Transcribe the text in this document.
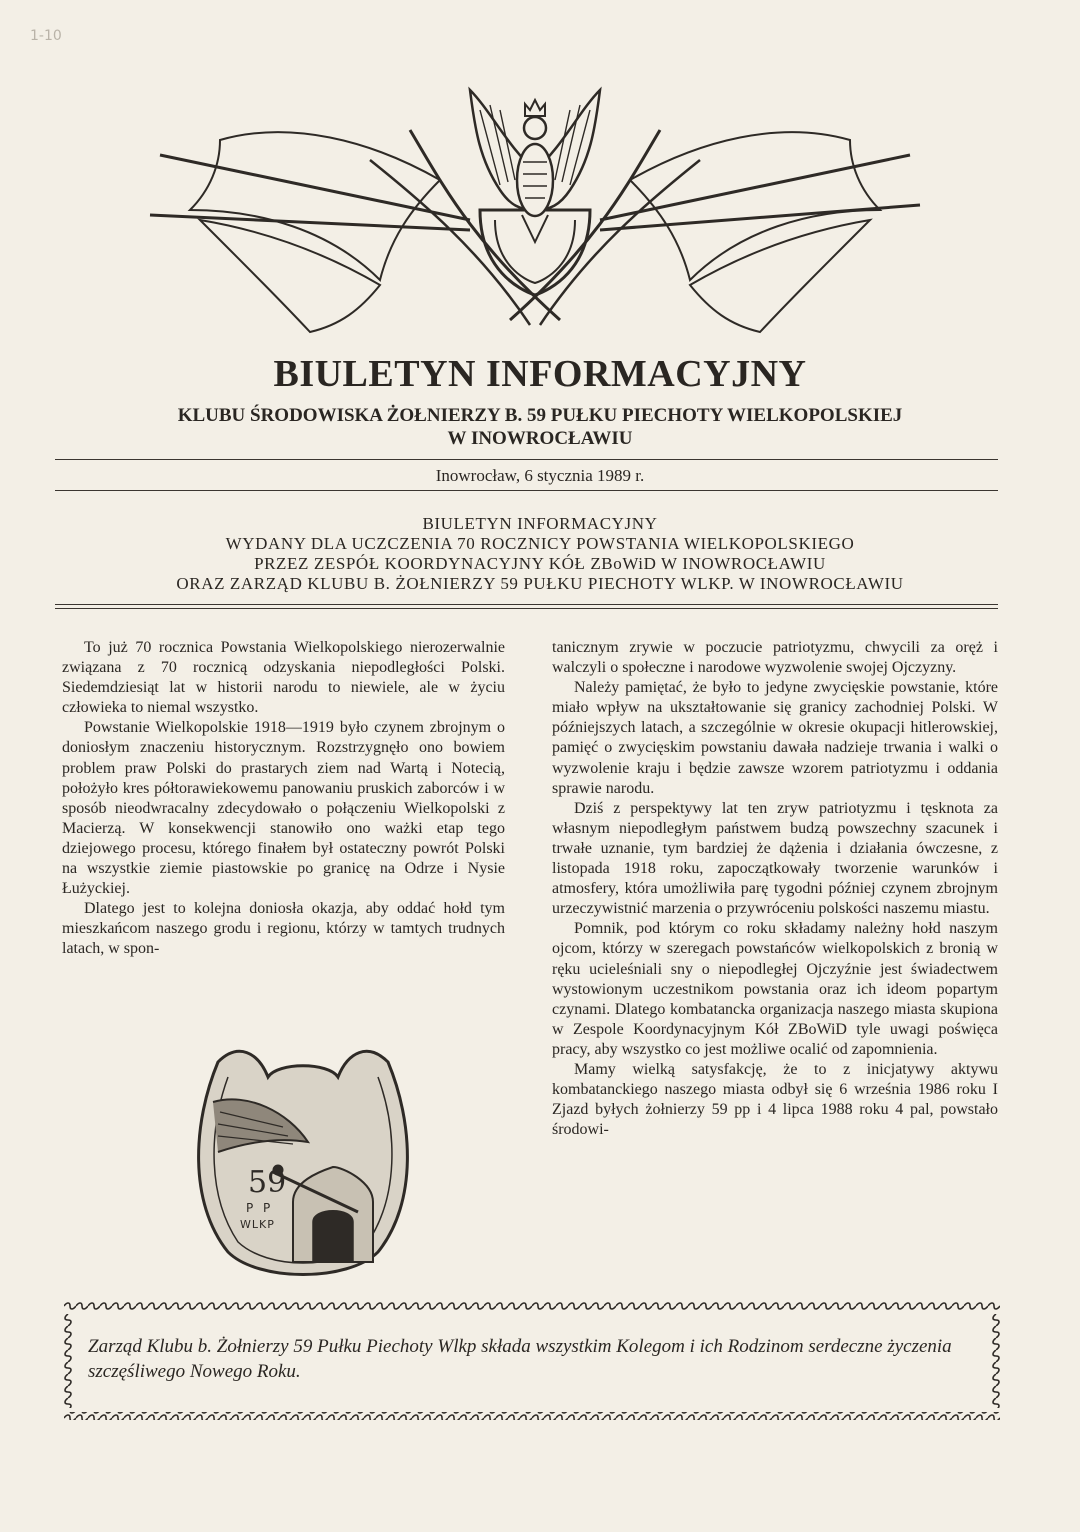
1-10
BIULETYN INFORMACYJNY
KLUBU ŚRODOWISKA ŻOŁNIERZY B. 59 PUŁKU PIECHOTY WIELKOPOLSKIEJ
W INOWROCŁAWIU
Inowrocław, 6 stycznia 1989 r.
BIULETYN INFORMACYJNY
WYDANY DLA UCZCZENIA 70 ROCZNICY POWSTANIA WIELKOPOLSKIEGO
PRZEZ ZESPÓŁ KOORDYNACYJNY KÓŁ ZBoWiD W INOWROCŁAWIU
ORAZ ZARZĄD KLUBU B. ŻOŁNIERZY 59 PUŁKU PIECHOTY WLKP. W INOWROCŁAWIU

To już 70 rocznica Powstania Wielkopolskiego nierozerwalnie związana z 70 rocznicą odzyskania niepodległości Polski. Siedemdziesiąt lat w historii narodu to niewiele, ale w życiu człowieka to niemal wszystko.

Powstanie Wielkopolskie 1918—1919 było czynem zbrojnym o doniosłym znaczeniu historycznym. Rozstrzygnęło ono bowiem problem praw Polski do prastarych ziem nad Wartą i Notecią, położyło kres półtorawiekowemu panowaniu pruskich zaborców i w sposób nieodwracalny zdecydowało o połączeniu Wielkopolski z Macierzą. W konsekwencji stanowiło ono ważki etap tego dziejowego procesu, którego finałem był ostateczny powrót Polski na wszystkie ziemie piastowskie po granicę na Odrze i Nysie Łużyckiej.

Dlatego jest to kolejna doniosła okazja, aby oddać hołd tym mieszkańcom naszego grodu i regionu, którzy w tamtych trudnych latach, w spon-

tanicznym zrywie w poczucie patriotyzmu, chwycili za oręż i walczyli o społeczne i narodowe wyzwolenie swojej Ojczyzny.

Należy pamiętać, że było to jedyne zwycięskie powstanie, które miało wpływ na ukształtowanie się granicy zachodniej Polski. W późniejszych latach, a szczególnie w okresie okupacji hitlerowskiej, pamięć o zwycięskim powstaniu dawała nadzieje trwania i walki o wyzwolenie kraju i będzie zawsze wzorem patriotyzmu i oddania sprawie narodu.

Dziś z perspektywy lat ten zryw patriotyzmu i tęsknota za własnym niepodległym państwem budzą powszechny szacunek i trwałe uznanie, tym bardziej że dążenia i działania ówczesne, z listopada 1918 roku, zapoczątkowały tworzenie warunków i atmosfery, która umożliwiła parę tygodni później czynem zbrojnym urzeczywistnić marzenia o przywróceniu polskości naszemu miastu.

Pomnik, pod którym co roku składamy należny hołd naszym ojcom, którzy w szeregach powstańców wielkopolskich z bronią w ręku ucieleśniali sny o niepodległej Ojczyźnie jest świadectwem wystowionym uczestnikom powstania oraz ich ideom popartym czynami. Dlatego kombatancka organizacja naszego miasta skupiona w Zespole Koordynacyjnym Kół ZBoWiD tyle uwagi poświęca pracy, aby wszystko co jest możliwe ocalić od zapomnienia.

Mamy wielką satysfakcję, że to z inicjatywy aktywu kombatanckiego naszego miasta odbył się 6 września 1986 roku I Zjazd byłych żołnierzy 59 pp i 4 lipca 1988 roku 4 pal, powstało środowi-

59
P P
WLKP
Zarząd Klubu b. Żołnierzy 59 Pułku Piechoty Wlkp składa wszystkim Kolegom i ich Rodzinom serdeczne życzenia szczęśliwego Nowego Roku.
